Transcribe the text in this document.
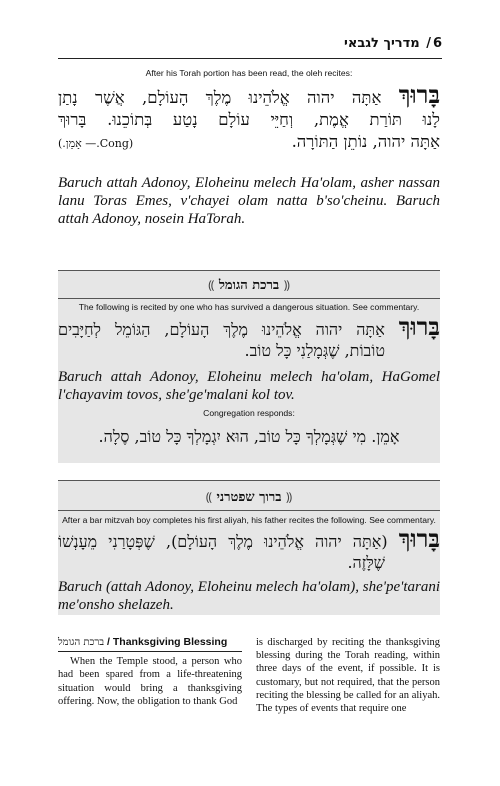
6/ מדריך לגבאי
After his Torah portion has been read, the oleh recites:
בָּרוּךְ אַתָּה יהוה אֱלֹהֵינוּ מֶלֶךְ הָעוֹלָם, אֲשֶׁר נָתַן
לָנוּ תּוֹרַת אֱמֶת, וְחַיֵּי עוֹלָם נָטַע בְּתוֹכֵנוּ. בָּרוּךְ
אַתָּה יהוה, נוֹתֵן הַתּוֹרָה.
(Cong.— אָמֵן.)
Baruch attah Adonoy, Eloheinu melech Ha'olam, asher nassan lanu Toras Emes, v'chayei olam natta b'so'cheinu. Baruch attah Adonoy, nosein HaTorah.
⸨ ברכת הגומל ⸩
The following is recited by one who has survived a dangerous situation. See commentary.
בָּרוּךְ אַתָּה יהוה אֱלֹהֵינוּ מֶלֶךְ הָעוֹלָם, הַגּוֹמֵל לְחַיָּבִים
טוֹבוֹת, שֶׁגְּמָלַנִי כָּל טוֹב.
Baruch attah Adonoy, Eloheinu melech ha'olam, HaGomel l'chayavim tovos, she'ge'malani kol tov.
Congregation responds:
אָמֵן. מִי שֶׁגְּמָלְךָ כָּל טוֹב, הוּא יִגְמָלְךָ כָּל טוֹב, סֶלָה.
⸨ ברוך שפטרני ⸩
After a bar mitzvah boy completes his first aliyah, his father recites the following. See commentary.
בָּרוּךְ (אַתָּה יהוה אֱלֹהֵינוּ מֶלֶךְ הָעוֹלָם), שֶׁפְּטָרַנִי מֵעָנְשׁוֹ
שֶׁלָּזֶה.
Baruch (attah Adonoy, Eloheinu melech ha'olam), she'pe'tarani me'onsho shelazeh.
ברכת הגומל / Thanksgiving Blessing
When the Temple stood, a person who had been spared from a life-threatening situation would bring a thanksgiving offering. Now, the obligation to thank God
is discharged by reciting the thanksgiving blessing during the Torah reading, within three days of the event, if possible. It is customary, but not required, that the person reciting the blessing be called for an aliyah. The types of events that require one
